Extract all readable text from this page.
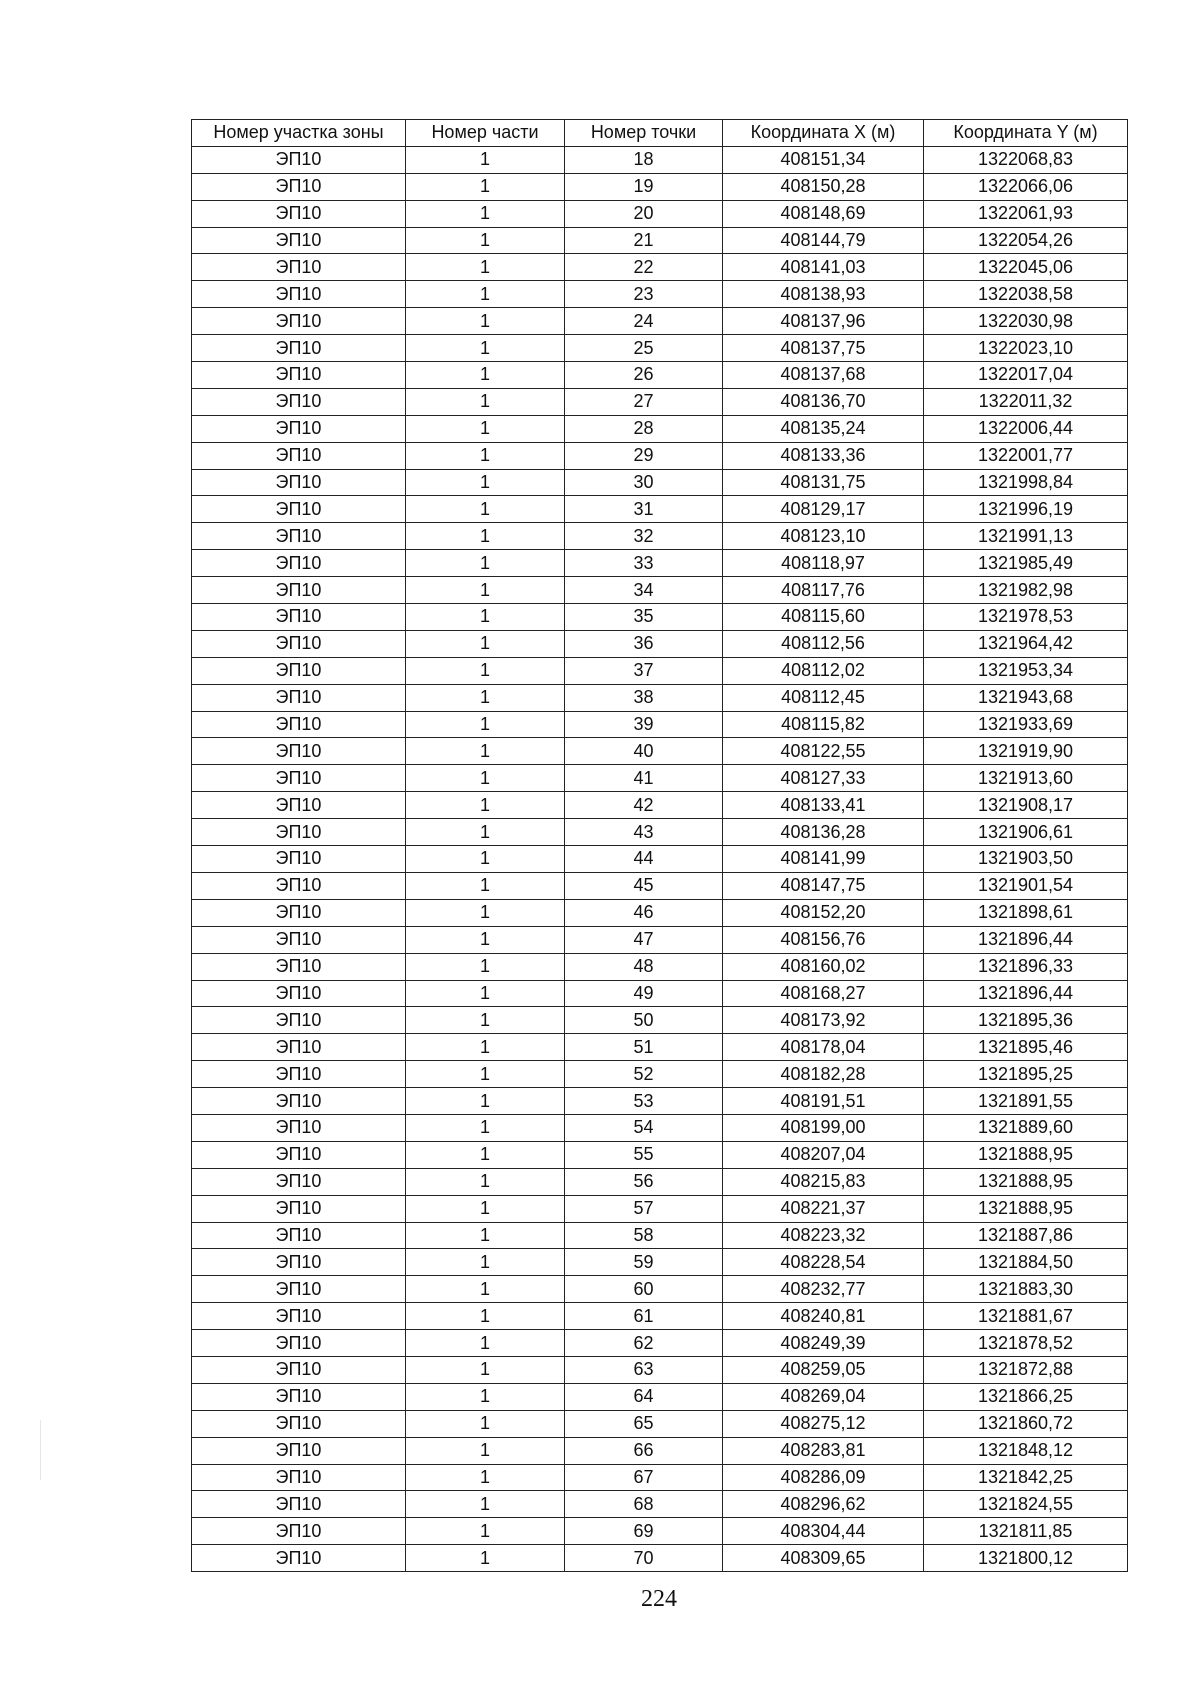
Номер участка зоны	Номер части	Номер точки	Координата X (м)	Координата Y (м)
ЭП10	1	18	408151,34	1322068,83
ЭП10	1	19	408150,28	1322066,06
ЭП10	1	20	408148,69	1322061,93
ЭП10	1	21	408144,79	1322054,26
ЭП10	1	22	408141,03	1322045,06
ЭП10	1	23	408138,93	1322038,58
ЭП10	1	24	408137,96	1322030,98
ЭП10	1	25	408137,75	1322023,10
ЭП10	1	26	408137,68	1322017,04
ЭП10	1	27	408136,70	1322011,32
ЭП10	1	28	408135,24	1322006,44
ЭП10	1	29	408133,36	1322001,77
ЭП10	1	30	408131,75	1321998,84
ЭП10	1	31	408129,17	1321996,19
ЭП10	1	32	408123,10	1321991,13
ЭП10	1	33	408118,97	1321985,49
ЭП10	1	34	408117,76	1321982,98
ЭП10	1	35	408115,60	1321978,53
ЭП10	1	36	408112,56	1321964,42
ЭП10	1	37	408112,02	1321953,34
ЭП10	1	38	408112,45	1321943,68
ЭП10	1	39	408115,82	1321933,69
ЭП10	1	40	408122,55	1321919,90
ЭП10	1	41	408127,33	1321913,60
ЭП10	1	42	408133,41	1321908,17
ЭП10	1	43	408136,28	1321906,61
ЭП10	1	44	408141,99	1321903,50
ЭП10	1	45	408147,75	1321901,54
ЭП10	1	46	408152,20	1321898,61
ЭП10	1	47	408156,76	1321896,44
ЭП10	1	48	408160,02	1321896,33
ЭП10	1	49	408168,27	1321896,44
ЭП10	1	50	408173,92	1321895,36
ЭП10	1	51	408178,04	1321895,46
ЭП10	1	52	408182,28	1321895,25
ЭП10	1	53	408191,51	1321891,55
ЭП10	1	54	408199,00	1321889,60
ЭП10	1	55	408207,04	1321888,95
ЭП10	1	56	408215,83	1321888,95
ЭП10	1	57	408221,37	1321888,95
ЭП10	1	58	408223,32	1321887,86
ЭП10	1	59	408228,54	1321884,50
ЭП10	1	60	408232,77	1321883,30
ЭП10	1	61	408240,81	1321881,67
ЭП10	1	62	408249,39	1321878,52
ЭП10	1	63	408259,05	1321872,88
ЭП10	1	64	408269,04	1321866,25
ЭП10	1	65	408275,12	1321860,72
ЭП10	1	66	408283,81	1321848,12
ЭП10	1	67	408286,09	1321842,25
ЭП10	1	68	408296,62	1321824,55
ЭП10	1	69	408304,44	1321811,85
ЭП10	1	70	408309,65	1321800,12
224
